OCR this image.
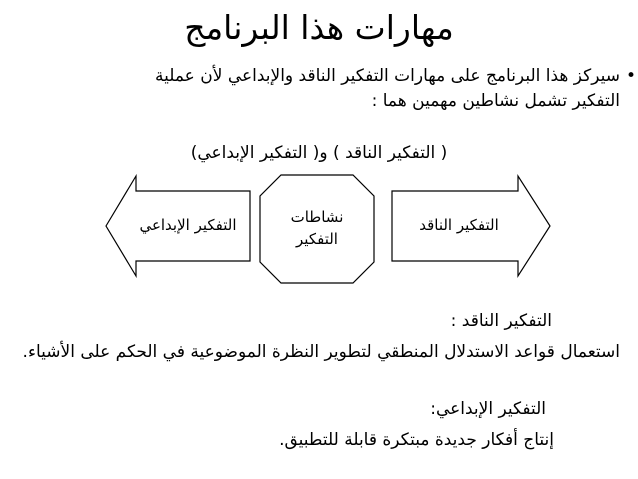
مهارات هذا البرنامج
•
سيركز هذا البرنامج على مهارات التفكير الناقد والإبداعي لأن عملية
التفكير تشمل نشاطين مهمين هما :
( التفكير الناقد ) و( التفكير الإبداعي)
التفكير الناقد
نشاطات
التفكير
التفكير الإبداعي
التفكير الناقد :
استعمال قواعد الاستدلال المنطقي لتطوير النظرة الموضوعية في الحكم على الأشياء.
التفكير الإبداعي:
إنتاج أفكار جديدة مبتكرة قابلة للتطبيق.
